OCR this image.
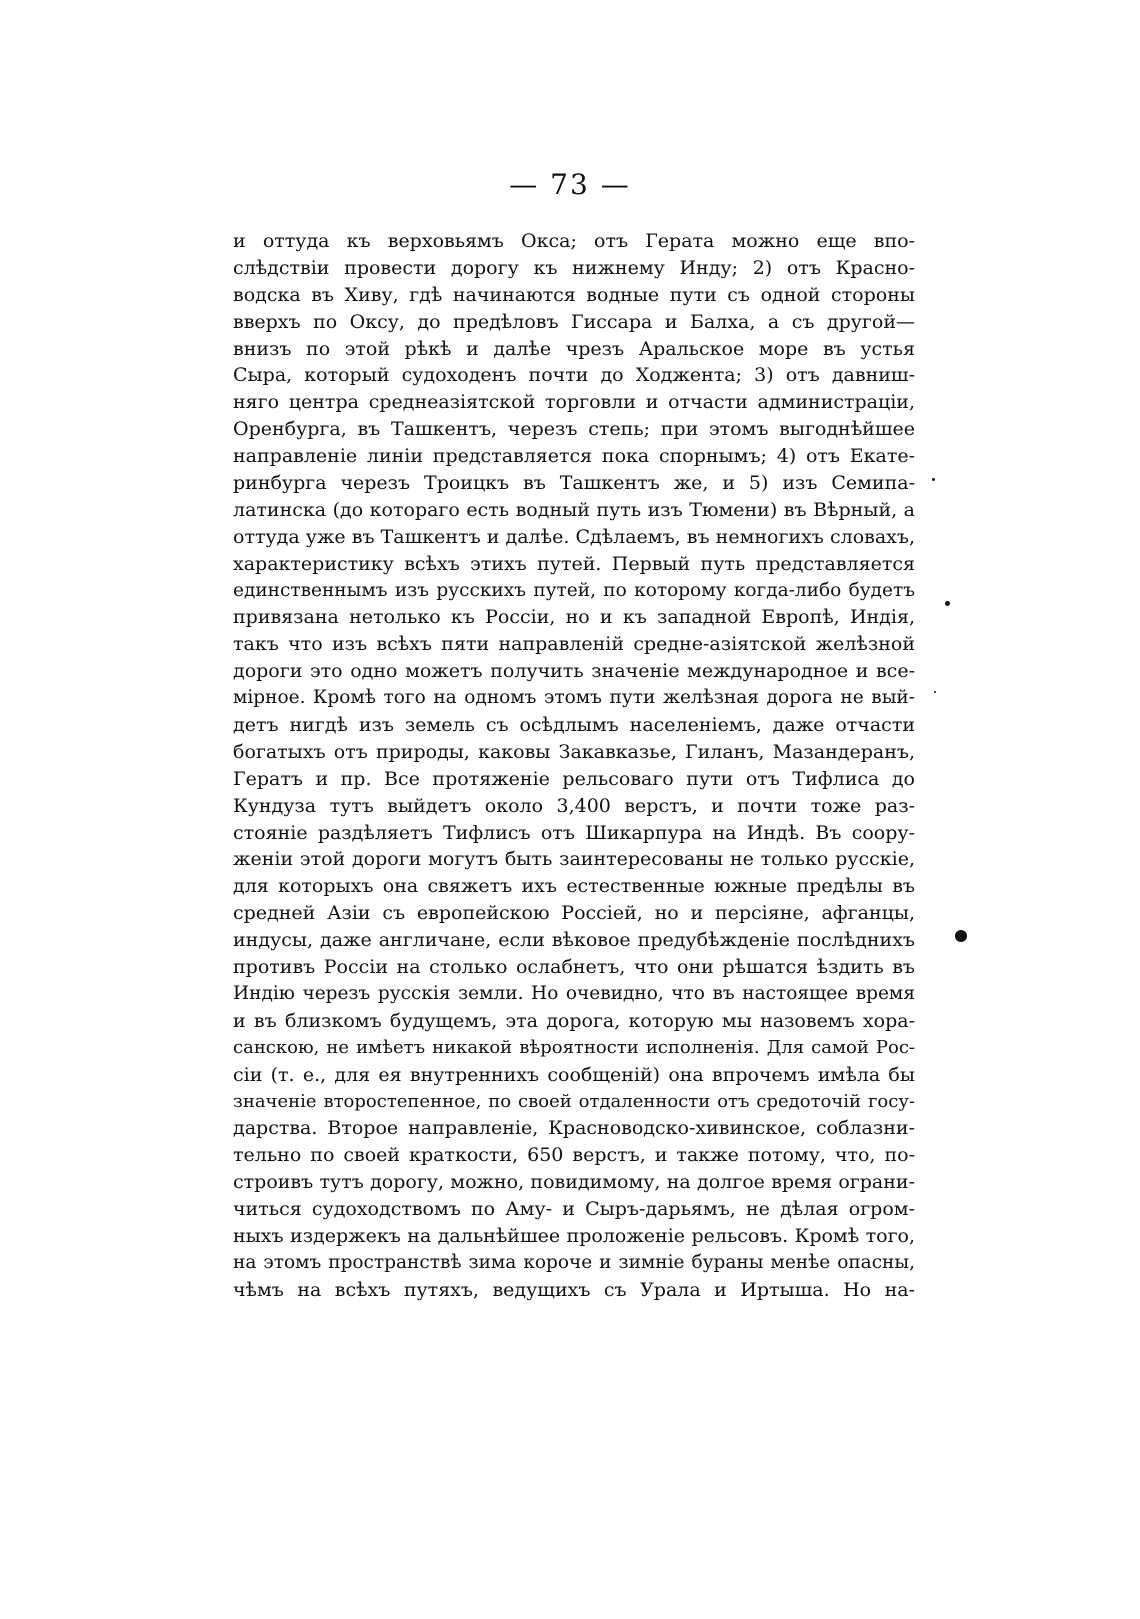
— 73 —
и оттуда къ верховьямъ Окса; отъ Герата можно еще впо-
слѣдствіи провести дорогу къ нижнему Инду; 2) отъ Красно-
водска въ Хиву, гдѣ начинаются водные пути съ одной стороны
вверхъ по Оксу, до предѣловъ Гиссара и Балха, а съ другой—
внизъ по этой рѣкѣ и далѣе чрезъ Аральское море въ устья
Сыра, который судоходенъ почти до Ходжента; 3) отъ давниш-
няго центра среднеазіятской торговли и отчасти администраціи,
Оренбурга, въ Ташкентъ, черезъ степь; при этомъ выгоднѣйшее
направленіе линіи представляется пока спорнымъ; 4) отъ Екате-
ринбурга черезъ Троицкъ въ Ташкентъ же, и 5) изъ Семипа-
латинска (до котораго есть водный путь изъ Тюмени) въ Вѣрный, а
оттуда уже въ Ташкентъ и далѣе. Сдѣлаемъ, въ немногихъ словахъ,
характеристику всѣхъ этихъ путей. Первый путь представляется
единственнымъ изъ русскихъ путей, по которому когда-либо будетъ
привязана нетолько къ Россіи, но и къ западной Европѣ, Индія,
такъ что изъ всѣхъ пяти направленій средне-азіятской желѣзной
дороги это одно можетъ получить значеніе международное и все-
мірное. Кромѣ того на одномъ этомъ пути желѣзная дорога не вый-
детъ нигдѣ изъ земель съ осѣдлымъ населеніемъ, даже отчасти
богатыхъ отъ природы, каковы Закавказье, Гиланъ, Мазандеранъ,
Гератъ и пр. Все протяженіе рельсоваго пути отъ Тифлиса до
Кундуза тутъ выйдетъ около 3,400 верстъ, и почти тоже раз-
стояніе раздѣляетъ Тифлисъ отъ Шикарпура на Индѣ. Въ соору-
женіи этой дороги могутъ быть заинтересованы не только русскіе,
для которыхъ она свяжетъ ихъ естественные южные предѣлы въ
средней Азіи съ европейскою Россіей, но и персіяне, афганцы,
индусы, даже англичане, если вѣковое предубѣжденіе послѣднихъ
противъ Россіи на столько ослабнетъ, что они рѣшатся ѣздить въ
Индію черезъ русскія земли. Но очевидно, что въ настоящее время
и въ близкомъ будущемъ, эта дорога, которую мы назовемъ хора-
санскою, не имѣетъ никакой вѣроятности исполненія. Для самой Рос-
сіи (т. е., для ея внутреннихъ сообщеній) она впрочемъ имѣла бы
значеніе второстепенное, по своей отдаленности отъ средоточій госу-
дарства. Второе направленіе, Красноводско-хивинское, соблазни-
тельно по своей краткости, 650 верстъ, и также потому, что, по-
строивъ тутъ дорогу, можно, повидимому, на долгое время ограни-
читься судоходствомъ по Аму- и Сыръ-дарьямъ, не дѣлая огром-
ныхъ издержекъ на дальнѣйшее проложеніе рельсовъ. Кромѣ того,
на этомъ пространствѣ зима короче и зимніе бураны менѣе опасны,
чѣмъ на всѣхъ путяхъ, ведущихъ съ Урала и Иртыша. Но на-
